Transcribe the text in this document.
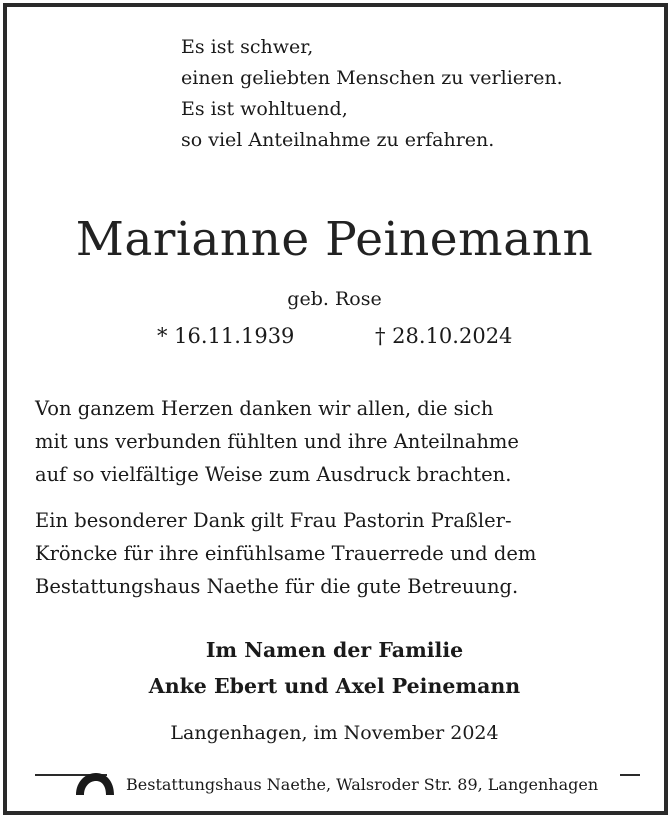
Es ist schwer,
einen geliebten Menschen zu verlieren.
Es ist wohltuend,
so viel Anteilnahme zu erfahren.
Marianne Peinemann
geb. Rose
* 16.11.1939	† 28.10.2024
Von ganzem Herzen danken wir allen, die sich
mit uns verbunden fühlten und ihre Anteilnahme
auf so vielfältige Weise zum Ausdruck brachten.
Ein besonderer Dank gilt Frau Pastorin Praßler-
Kröncke für ihre einfühlsame Trauerrede und dem
Bestattungshaus Naethe für die gute Betreuung.
Im Namen der Familie
Anke Ebert und Axel Peinemann
Langenhagen, im November 2024
Bestattungshaus Naethe, Walsroder Str. 89, Langenhagen
